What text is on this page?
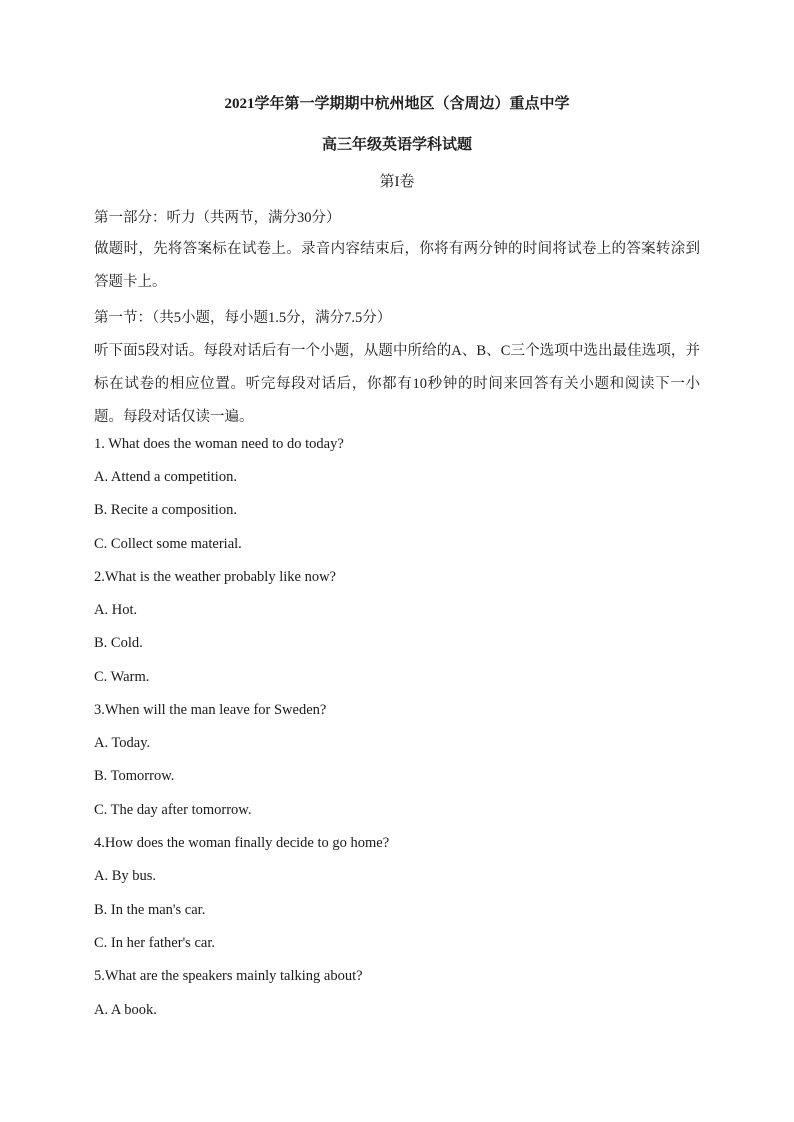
2021学年第一学期期中杭州地区（含周边）重点中学

高三年级英语学科试题

第I卷

第一部分：听力（共两节，满分30分）

做题时，先将答案标在试卷上。录音内容结束后，你将有两分钟的时间将试卷上的答案转涂到答题卡上。

第一节：（共5小题，每小题1.5分，满分7.5分）

听下面5段对话。每段对话后有一个小题，从题中所给的A、B、C三个选项中选出最佳选项，并标在试卷的相应位置。听完每段对话后，你都有10秒钟的时间来回答有关小题和阅读下一小题。每段对话仅读一遍。

1. What does the woman need to do today?

A. Attend a competition.

B. Recite a composition.

C. Collect some material.

2.What is the weather probably like now?

A. Hot.

B. Cold.

C. Warm.

3.When will the man leave for Sweden?

A. Today.

B. Tomorrow.

C. The day after tomorrow.

4.How does the woman finally decide to go home?

A. By bus.

B. In the man's car.

C. In her father's car.

5.What are the speakers mainly talking about?

A. A book.
